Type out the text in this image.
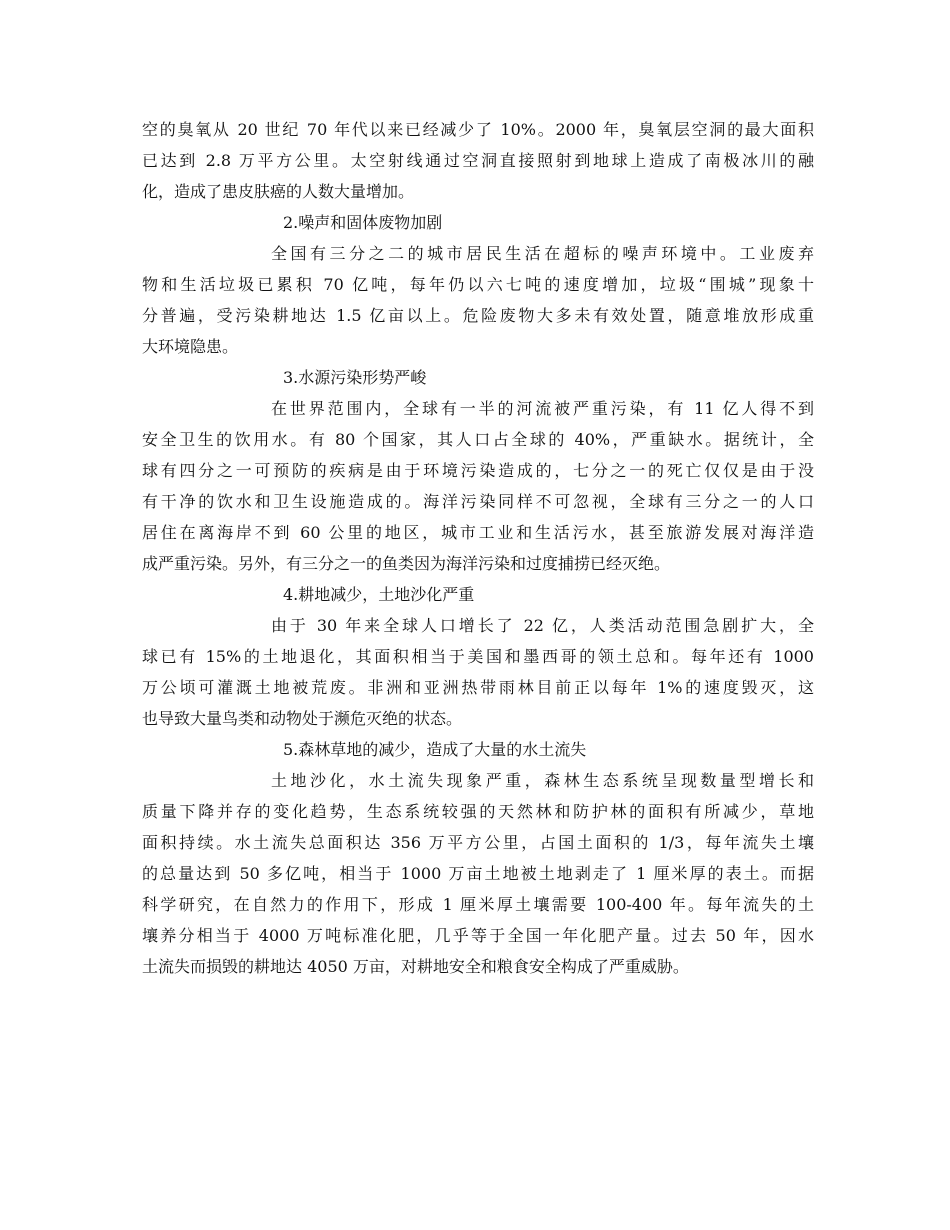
空的臭氧从 20 世纪 70 年代以来已经减少了 10%。2000 年，臭氧层空洞的最大面积
已达到 2.8 万平方公里。太空射线通过空洞直接照射到地球上造成了南极冰川的融
化，造成了患皮肤癌的人数大量增加。
2.噪声和固体废物加剧
全国有三分之二的城市居民生活在超标的噪声环境中。工业废弃
物和生活垃圾已累积 70 亿吨，每年仍以六七吨的速度增加，垃圾“围城”现象十
分普遍，受污染耕地达 1.5 亿亩以上。危险废物大多未有效处置，随意堆放形成重
大环境隐患。
3.水源污染形势严峻
在世界范围内，全球有一半的河流被严重污染，有 11 亿人得不到
安全卫生的饮用水。有 80 个国家，其人口占全球的 40%，严重缺水。据统计，全
球有四分之一可预防的疾病是由于环境污染造成的，七分之一的死亡仅仅是由于没
有干净的饮水和卫生设施造成的。海洋污染同样不可忽视，全球有三分之一的人口
居住在离海岸不到 60 公里的地区，城市工业和生活污水，甚至旅游发展对海洋造
成严重污染。另外，有三分之一的鱼类因为海洋污染和过度捕捞已经灭绝。
4.耕地减少，土地沙化严重
由于 30 年来全球人口增长了 22 亿，人类活动范围急剧扩大，全
球已有 15%的土地退化，其面积相当于美国和墨西哥的领土总和。每年还有 1000
万公顷可灌溉土地被荒废。非洲和亚洲热带雨林目前正以每年 1%的速度毁灭，这
也导致大量鸟类和动物处于濒危灭绝的状态。
5.森林草地的减少，造成了大量的水土流失
土地沙化，水土流失现象严重，森林生态系统呈现数量型增长和
质量下降并存的变化趋势，生态系统较强的天然林和防护林的面积有所减少，草地
面积持续。水土流失总面积达 356 万平方公里，占国土面积的 1/3，每年流失土壤
的总量达到 50 多亿吨，相当于 1000 万亩土地被土地剥走了 1 厘米厚的表土。而据
科学研究，在自然力的作用下，形成 1 厘米厚土壤需要 100-400 年。每年流失的土
壤养分相当于 4000 万吨标准化肥，几乎等于全国一年化肥产量。过去 50 年，因水
土流失而损毁的耕地达 4050 万亩，对耕地安全和粮食安全构成了严重威胁。
